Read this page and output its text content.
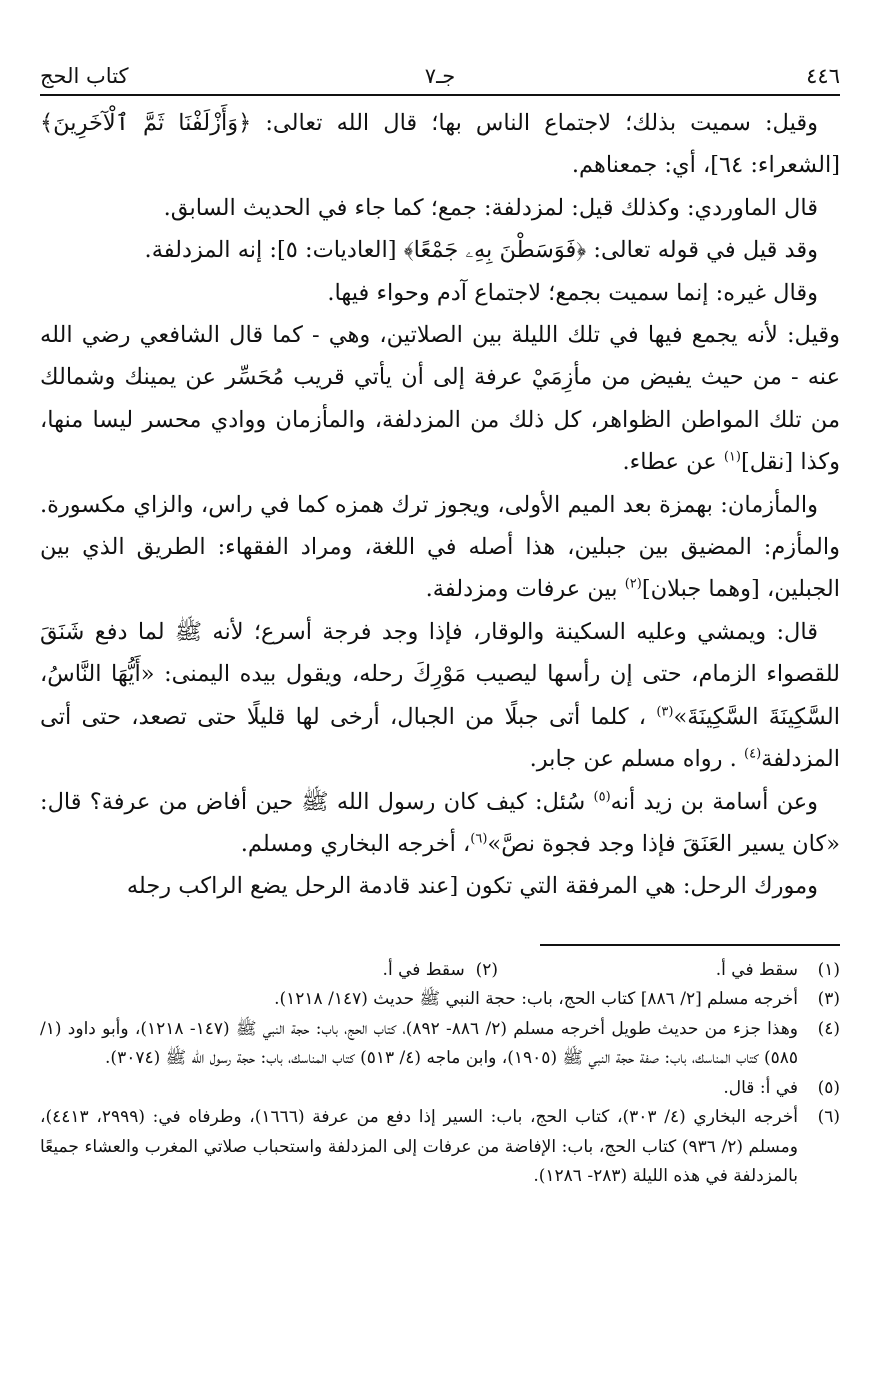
٤٤٦
جـ٧
كتاب الحج

وقيل: سميت بذلك؛ لاجتماع الناس بها؛ قال الله تعالى: ﴿وَأَزْلَفْنَا ثَمَّ ٱلْآخَرِينَ﴾ [الشعراء: ٦٤]، أي: جمعناهم.

قال الماوردي: وكذلك قيل: لمزدلفة: جمع؛ كما جاء في الحديث السابق.

وقد قيل في قوله تعالى: ﴿فَوَسَطْنَ بِهِۦ جَمْعًا﴾ [العاديات: ٥]: إنه المزدلفة.

وقال غيره: إنما سميت بجمع؛ لاجتماع آدم وحواء فيها.

وقيل: لأنه يجمع فيها في تلك الليلة بين الصلاتين، وهي - كما قال الشافعي رضي الله عنه - من حيث يفيض من مأزِمَيْ عرفة إلى أن يأتي قريب مُحَسِّر عن يمينك وشمالك من تلك المواطن الظواهر، كل ذلك من المزدلفة، والمأزمان ووادي محسر ليسا منها، وكذا [نقل]$^{(١)}$ عن عطاء.

والمأزمان: بهمزة بعد الميم الأولى، ويجوز ترك همزه كما في راس، والزاي مكسورة. والمأزم: المضيق بين جبلين، هذا أصله في اللغة، ومراد الفقهاء: الطريق الذي بين الجبلين، [وهما جبلان]$^{(٢)}$ بين عرفات ومزدلفة.

قال: ويمشي وعليه السكينة والوقار، فإذا وجد فرجة أسرع؛ لأنه ﷺ لما دفع شَنَقَ للقصواء الزمام، حتى إن رأسها ليصيب مَوْرِكَ رحله، ويقول بيده اليمنى: «أَيُّهَا النَّاسُ، السَّكِينَةَ السَّكِينَةَ»$^{(٣)}$ ، كلما أتى جبلًا من الجبال، أرخى لها قليلًا حتى تصعد، حتى أتى المزدلفة$^{(٤)}$ . رواه مسلم عن جابر.

وعن أسامة بن زيد أنه$^{(٥)}$ سُئل: كيف كان رسول الله ﷺ حين أفاض من عرفة؟ قال: «كان يسير العَنَقَ فإذا وجد فجوة نصَّ»$^{(٦)}$، أخرجه البخاري ومسلم.

ومورك الرحل: هي المرفقة التي تكون [عند قادمة الرحل يضع الراكب رجله

(١)
سقط في أ.(٢)  سقط في أ.
(٣)
أخرجه مسلم [٢/ ٨٨٦] كتاب الحج، باب: حجة النبي ﷺ حديث (١٤٧/ ١٢١٨).
(٤)
وهذا جزء من حديث طويل أخرجه مسلم (٢/ ٨٨٦- ٨٩٢)، كتاب الحج، باب: حجة النبي ﷺ (١٤٧- ١٢١٨)، وأبو داود (١/ ٥٨٥) كتاب المناسك، باب: صفة حجة النبي ﷺ (١٩٠٥)، وابن ماجه (٤/ ٥١٣) كتاب المناسك، باب: حجة رسول الله ﷺ (٣٠٧٤).
(٥)
في أ: قال.
(٦)
أخرجه البخاري (٤/ ٣٠٣)، كتاب الحج، باب: السير إذا دفع من عرفة (١٦٦٦)، وطرفاه في: (٢٩٩٩، ٤٤١٣)، ومسلم (٢/ ٩٣٦) كتاب الحج، باب: الإفاضة من عرفات إلى المزدلفة واستحباب صلاتي المغرب والعشاء جميعًا بالمزدلفة في هذه الليلة (٢٨٣- ١٢٨٦).
